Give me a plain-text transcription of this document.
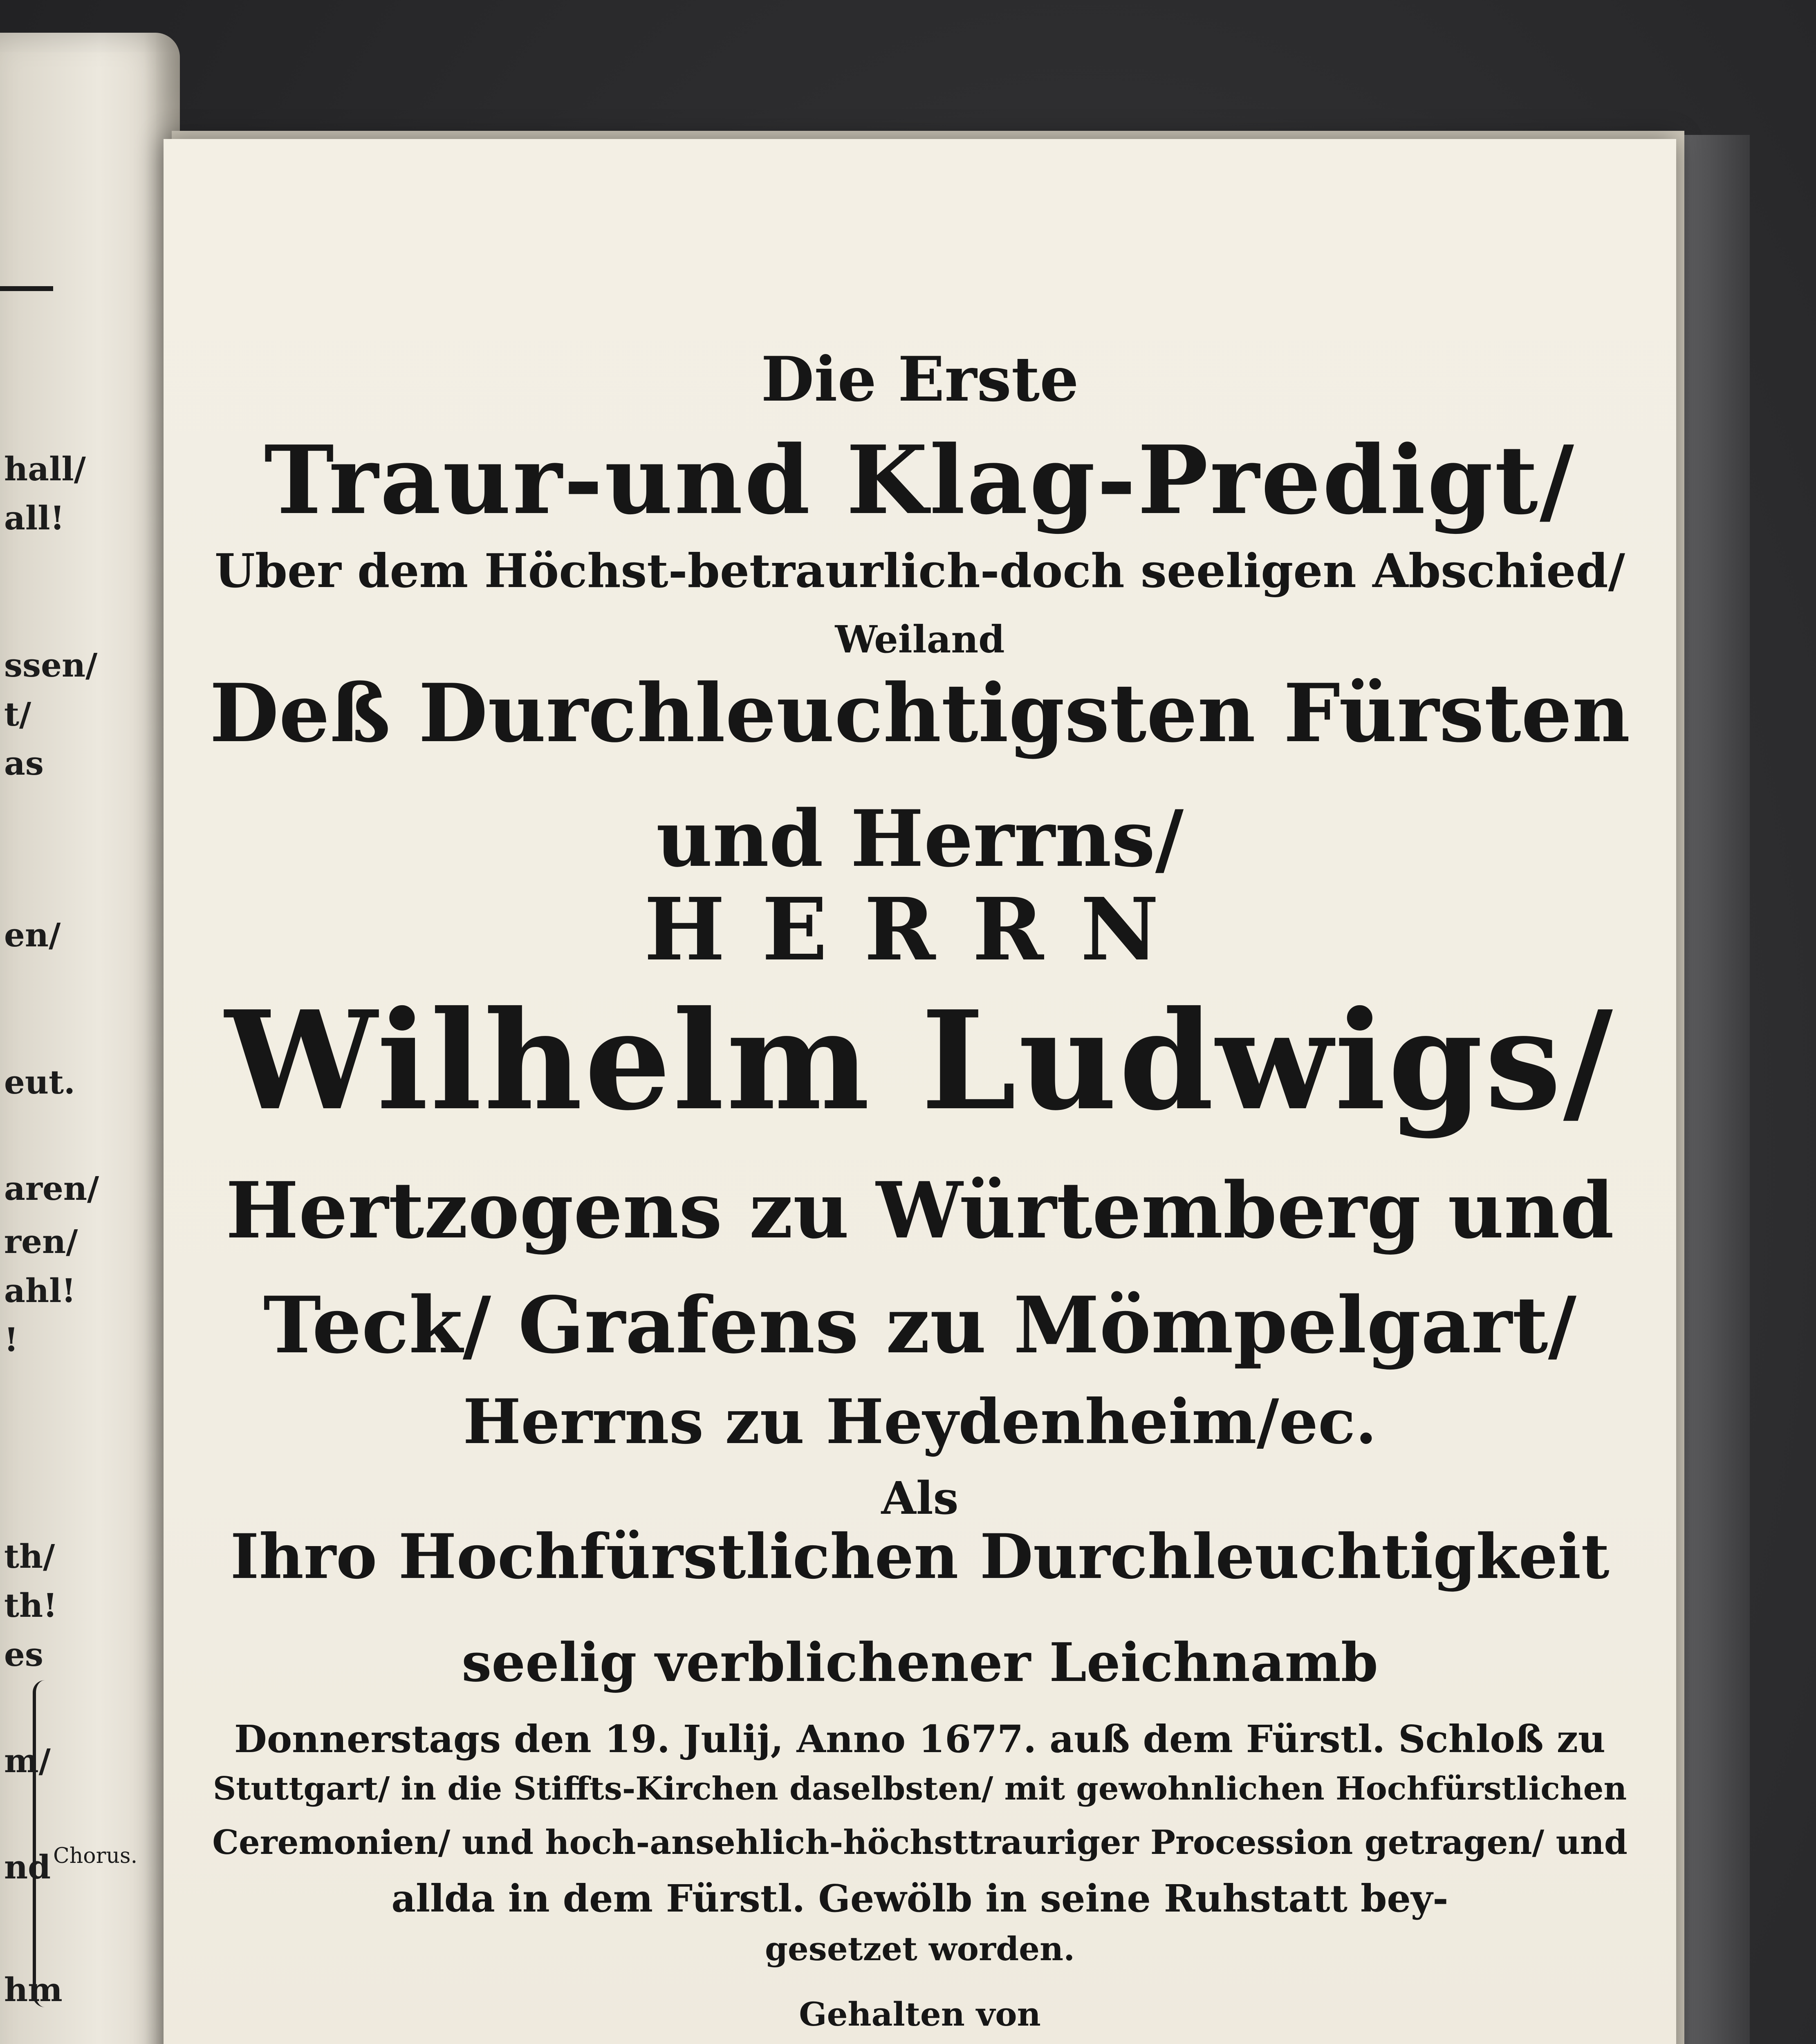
hall/
all!
ssen/
t/
as
en/
eut.
aren/
ren/
ahl!
!
th/
th!
es
m/
nd
hm
Chorus.
Die Erste
Traur-und Klag-Predigt/
Uber dem Höchst-betraurlich-doch seeligen Abschied/
Weiland
Deß Durchleuchtigsten Fürsten
und Herrns/
HERRN
Wilhelm Ludwigs/
Hertzogens zu Würtemberg und
Teck/ Grafens zu Mömpelgart/
Herrns zu Heydenheim/ec.
Als
Ihro Hochfürstlichen Durchleuchtigkeit
seelig verblichener Leichnamb
Donnerstags den 19. Julij, Anno 1677. auß dem Fürstl. Schloß zu
Stuttgart/ in die Stiffts-Kirchen daselbsten/ mit gewohnlichen Hochfürstlichen
Ceremonien/ und hoch-ansehlich-höchsttrauriger Procession getragen/ und
allda in dem Fürstl. Gewölb in seine Ruhstatt bey-
gesetzet worden.
Gehalten von
